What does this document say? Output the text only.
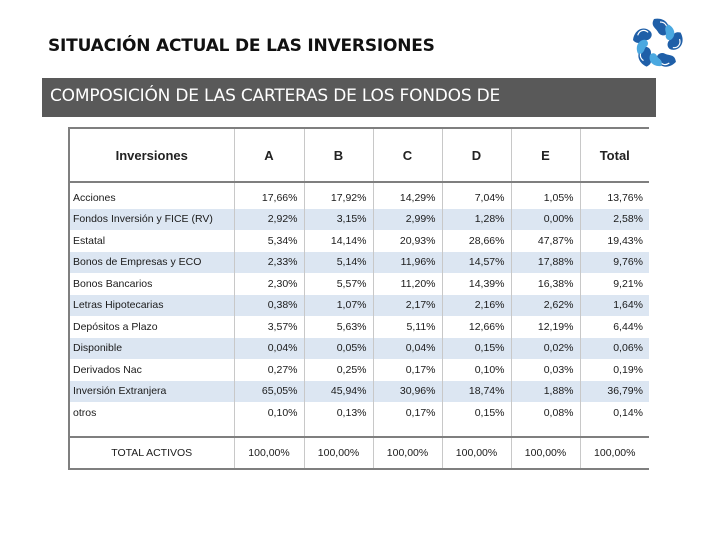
SITUACIÓN ACTUAL DE LAS INVERSIONES
COMPOSICIÓN DE LAS CARTERAS DE LOS FONDOS DE
Inversiones	A	B	C	D	E	Total

Acciones	17,66%	17,92%	14,29%	7,04%	1,05%	13,76%
Fondos Inversión y FICE (RV)	2,92%	3,15%	2,99%	1,28%	0,00%	2,58%
Estatal	5,34%	14,14%	20,93%	28,66%	47,87%	19,43%
Bonos de Empresas y ECO	2,33%	5,14%	11,96%	14,57%	17,88%	9,76%
Bonos Bancarios	2,30%	5,57%	11,20%	14,39%	16,38%	9,21%
Letras Hipotecarias	0,38%	1,07%	2,17%	2,16%	2,62%	1,64%
Depósitos a Plazo	3,57%	5,63%	5,11%	12,66%	12,19%	6,44%
Disponible	0,04%	0,05%	0,04%	0,15%	0,02%	0,06%
Derivados Nac	0,27%	0,25%	0,17%	0,10%	0,03%	0,19%
Inversión Extranjera	65,05%	45,94%	30,96%	18,74%	1,88%	36,79%
otros	0,10%	0,13%	0,17%	0,15%	0,08%	0,14%

TOTAL ACTIVOS	100,00%	100,00%	100,00%	100,00%	100,00%	100,00%
